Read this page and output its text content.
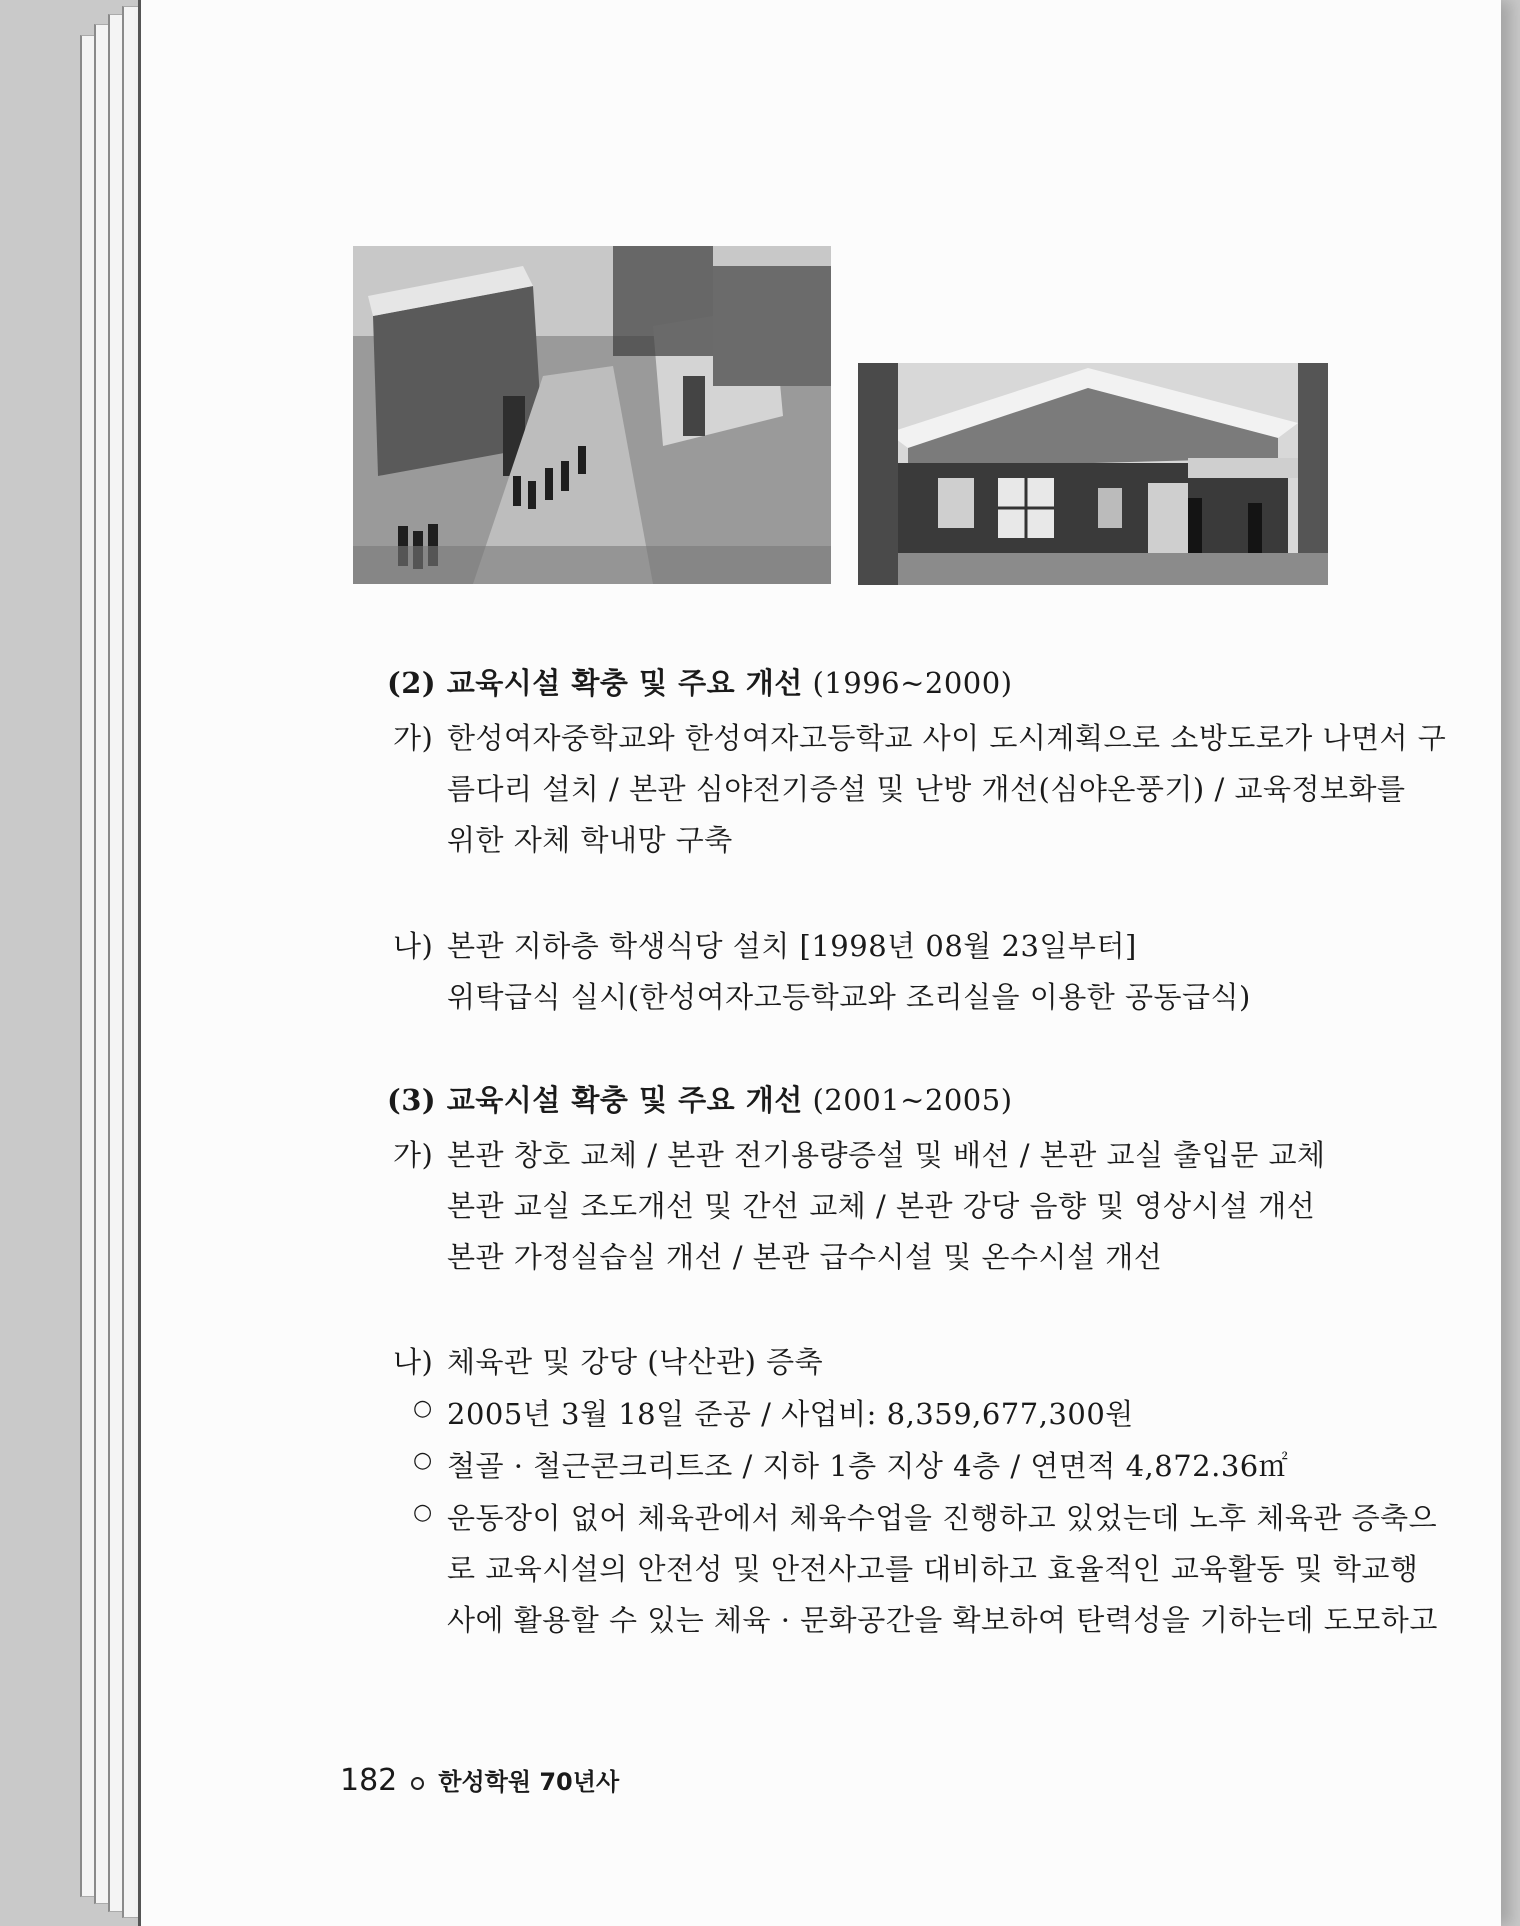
(2) 교육시설 확충 및 주요 개선 (1996~2000)
가) 한성여자중학교와 한성여자고등학교 사이 도시계획으로 소방도로가 나면서 구
름다리 설치 / 본관 심야전기증설 및 난방 개선(심야온풍기) / 교육정보화를
위한 자체 학내망 구축
나) 본관 지하층 학생식당 설치 [1998년 08월 23일부터]
위탁급식 실시(한성여자고등학교와 조리실을 이용한 공동급식)
(3) 교육시설 확충 및 주요 개선 (2001~2005)
가) 본관 창호 교체 / 본관 전기용량증설 및 배선 / 본관 교실 출입문 교체
본관 교실 조도개선 및 간선 교체 / 본관 강당 음향 및 영상시설 개선
본관 가정실습실 개선 / 본관 급수시설 및 온수시설 개선
나) 체육관 및 강당 (낙산관) 증축
○ 2005년 3월 18일 준공 / 사업비: 8,359,677,300원
○ 철골 · 철근콘크리트조 / 지하 1층 지상 4층 / 연면적 4,872.36㎡
○ 운동장이 없어 체육관에서 체육수업을 진행하고 있었는데 노후 체육관 증축으
로 교육시설의 안전성 및 안전사고를 대비하고 효율적인 교육활동 및 학교행
사에 활용할 수 있는 체육 · 문화공간을 확보하여 탄력성을 기하는데 도모하고
182 한성학원 70년사
